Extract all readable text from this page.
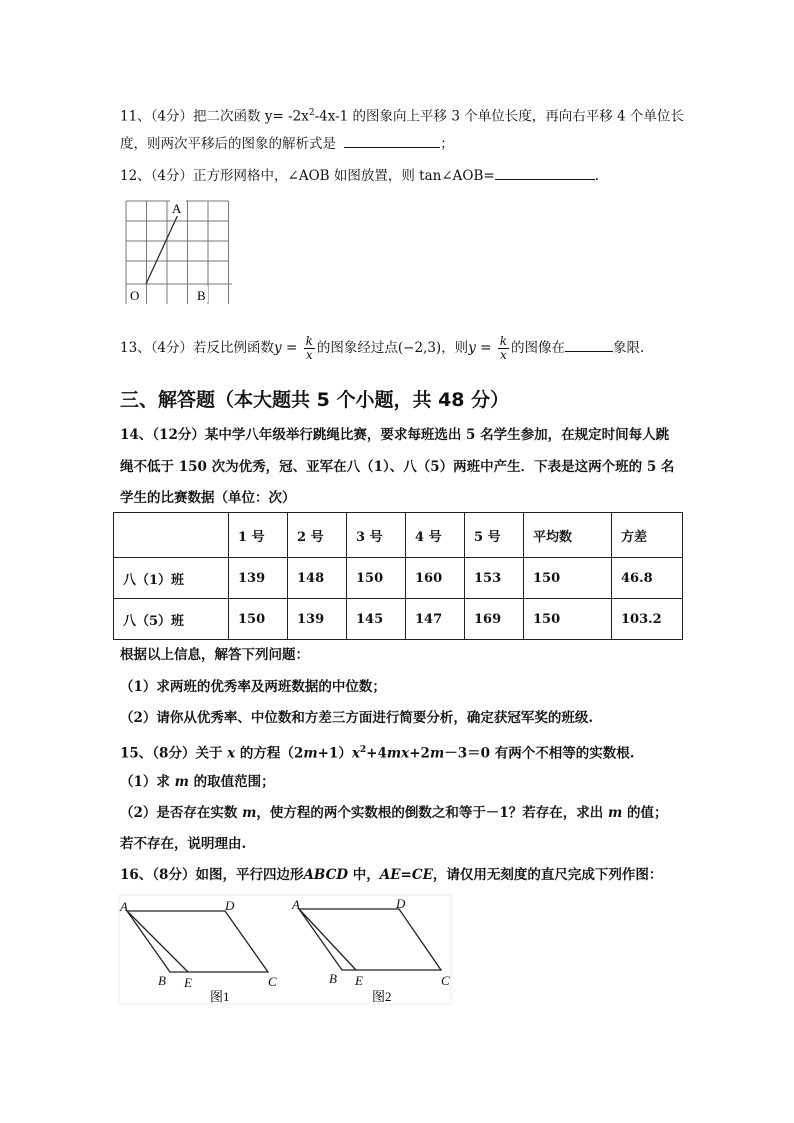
11、（4分）把二次函数 $y= -2x^2-4x-1$ 的图象向上平移 3 个单位长度，再向右平移 4 个单位长
度，则两次平移后的图象的解析式是	；
12、（4分）正方形网格中，∠AOB 如图放置，则 tan∠AOB=	.
A
O	B
13、（4分）若反比例函数$y = \frac{k}{x}$ 的图象经过点(−2,3)，则$y = \frac{k}{x}$ 的图像在	象限.
三、解答题（本大题共 5 个小题，共 48 分）
14、（12分）某中学八年级举行跳绳比赛，要求每班选出 5 名学生参加，在规定时间每人跳
绳不低于 150 次为优秀，冠、亚军在八（1）、八（5）两班中产生．下表是这两个班的 5 名
学生的比赛数据（单位：次）
	1 号	2 号	3 号	4 号	5 号	平均数	方差
八（1）班	139	148	150	160	153	150	46.8
八（5）班	150	139	145	147	169	150	103.2
根据以上信息，解答下列问题：
（1）求两班的优秀率及两班数据的中位数；
（2）请你从优秀率、中位数和方差三方面进行简要分析，确定获冠军奖的班级.
15、（8分）关于 x 的方程$(2m+1)x^2+4mx+2m-3=0$ 有两个不相等的实数根.
（1）求 m 的取值范围；
（2）是否存在实数 m，使方程的两个实数根的倒数之和等于－1？若存在，求出 m 的值；
若不存在，说明理由.
16、（8分）如图，平行四边形ABCD 中，AE=CE，请仅用无刻度的直尺完成下列作图：
A	D
B E	C
图1
A	D
B E	C
图2
